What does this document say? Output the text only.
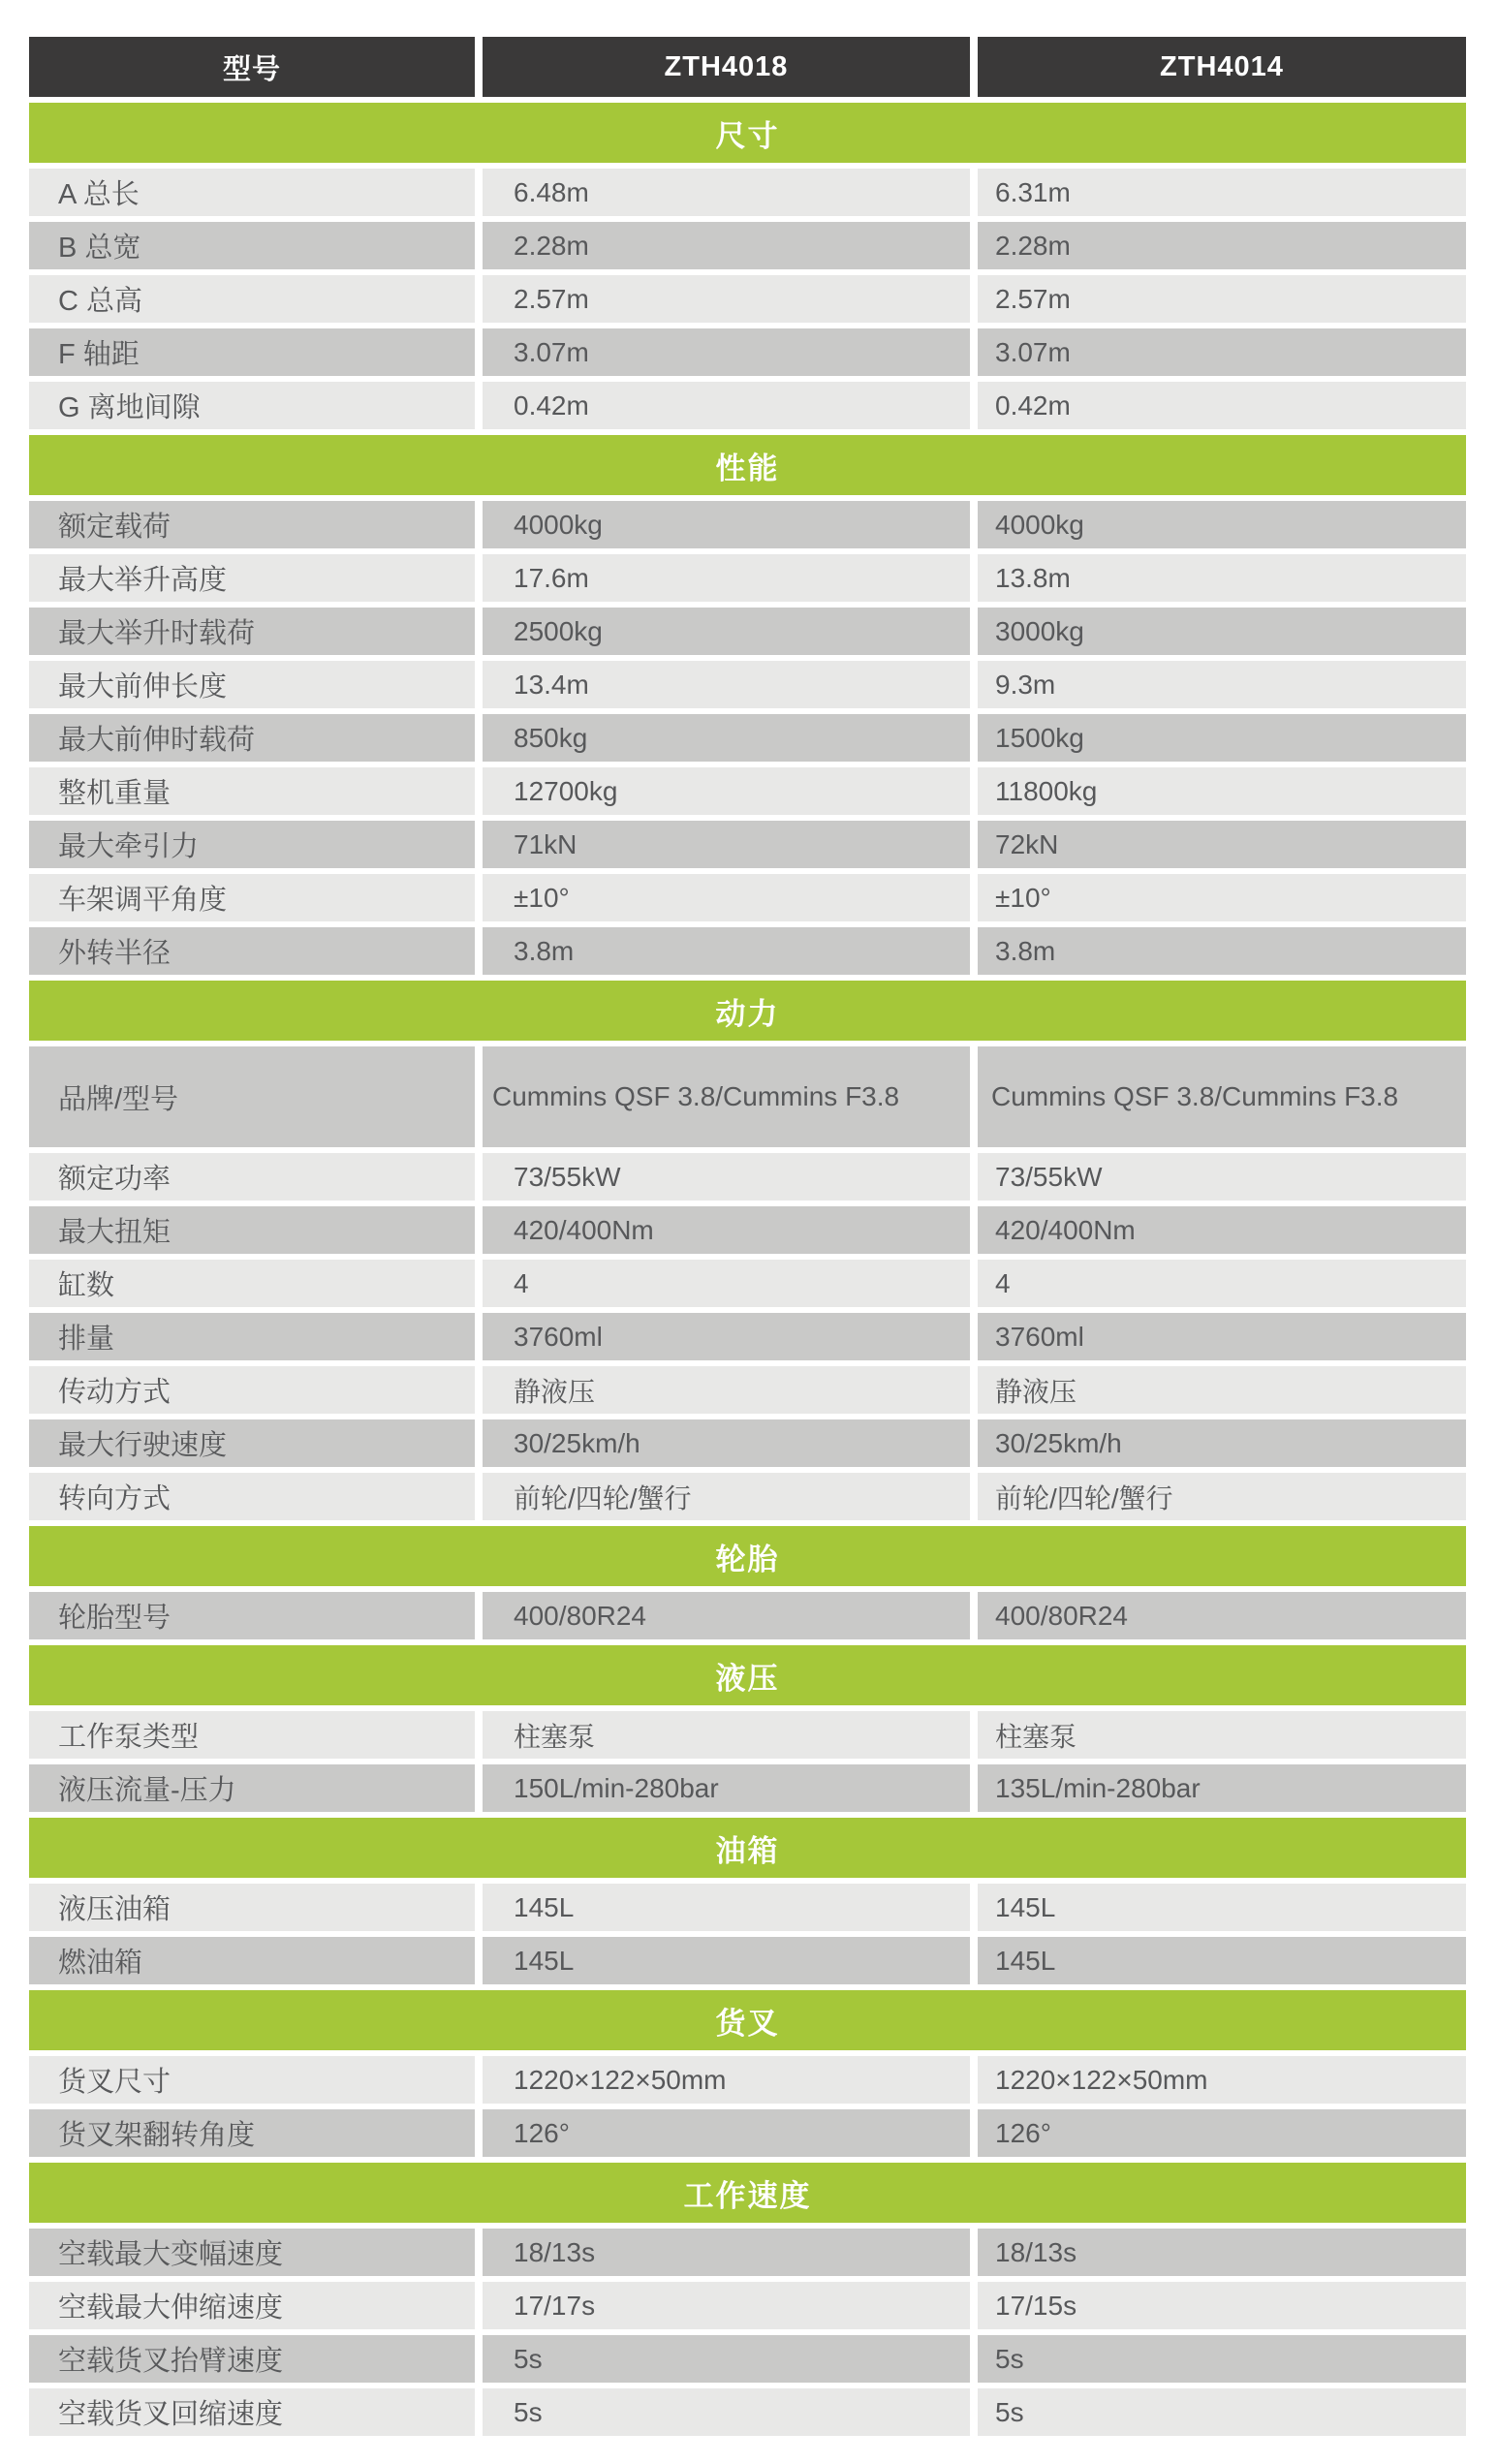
型号	ZTH4018	ZTH4014
尺寸
A 总长	6.48m	6.31m
B 总宽	2.28m	2.28m
C 总高	2.57m	2.57m
F 轴距	3.07m	3.07m
G 离地间隙	0.42m	0.42m
性能
额定载荷	4000kg	4000kg
最大举升高度	17.6m	13.8m
最大举升时载荷	2500kg	3000kg
最大前伸长度	13.4m	9.3m
最大前伸时载荷	850kg	1500kg
整机重量	12700kg	11800kg
最大牵引力	71kN	72kN
车架调平角度	±10°	±10°
外转半径	3.8m	3.8m
动力
品牌/型号	Cummins QSF 3.8/Cummins F3.8	Cummins QSF 3.8/Cummins F3.8
额定功率	73/55kW	73/55kW
最大扭矩	420/400Nm	420/400Nm
缸数	4	4
排量	3760ml	3760ml
传动方式	静液压	静液压
最大行驶速度	30/25km/h	30/25km/h
转向方式	前轮/四轮/蟹行	前轮/四轮/蟹行
轮胎
轮胎型号	400/80R24	400/80R24
液压
工作泵类型	柱塞泵	柱塞泵
液压流量-压力	150L/min-280bar	135L/min-280bar
油箱
液压油箱	145L	145L
燃油箱	145L	145L
货叉
货叉尺寸	1220×122×50mm	1220×122×50mm
货叉架翻转角度	126°	126°
工作速度
空载最大变幅速度	18/13s	18/13s
空载最大伸缩速度	17/17s	17/15s
空载货叉抬臂速度	5s	5s
空载货叉回缩速度	5s	5s
